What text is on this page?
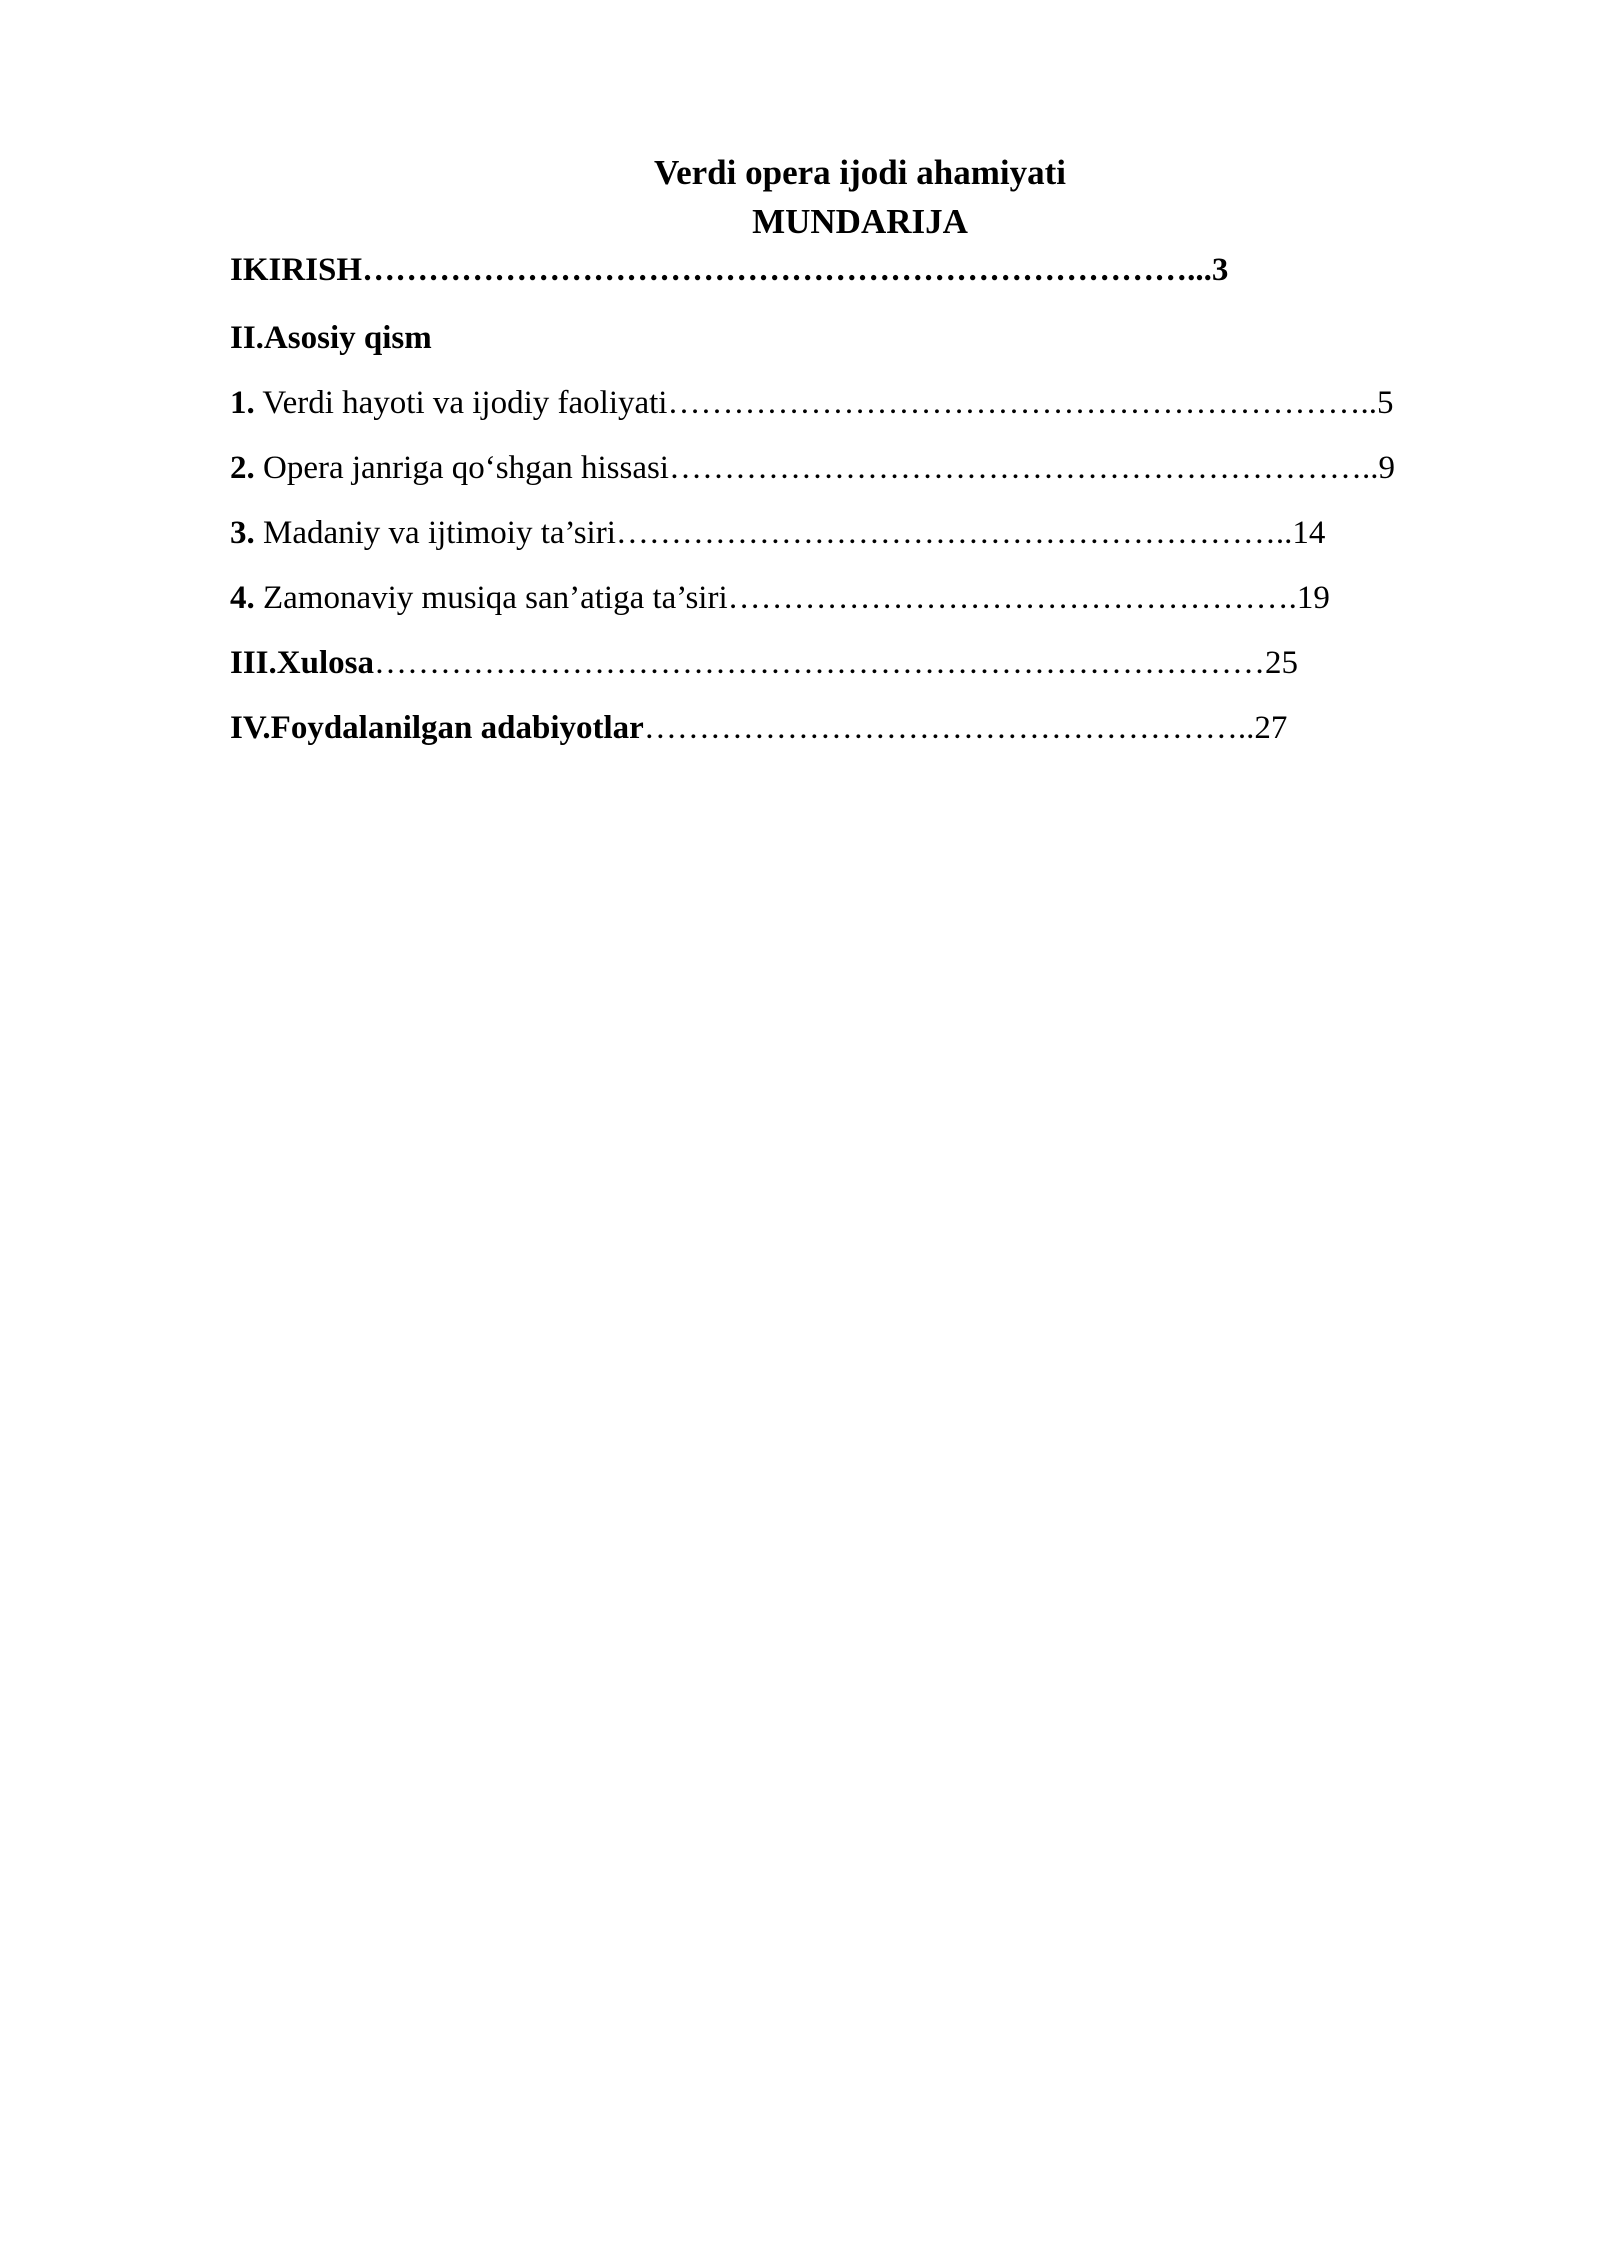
Verdi opera ijodi ahamiyati
MUNDARIJA
IKIRISH…………………………………………………………………...3
II.Asosiy qism
1. Verdi hayoti va ijodiy faoliyati………………………………………………………..5
2. Opera janriga qo‘shgan hissasi………………………………………………………..9
3. Madaniy va ijtimoiy ta’siri……………………………………………………..14
4. Zamonaviy musiqa san’atiga ta’siri…………………………………………….19
III.Xulosa………………………………………………………………………25
IV.Foydalanilgan adabiyotlar………………………………………………..27
